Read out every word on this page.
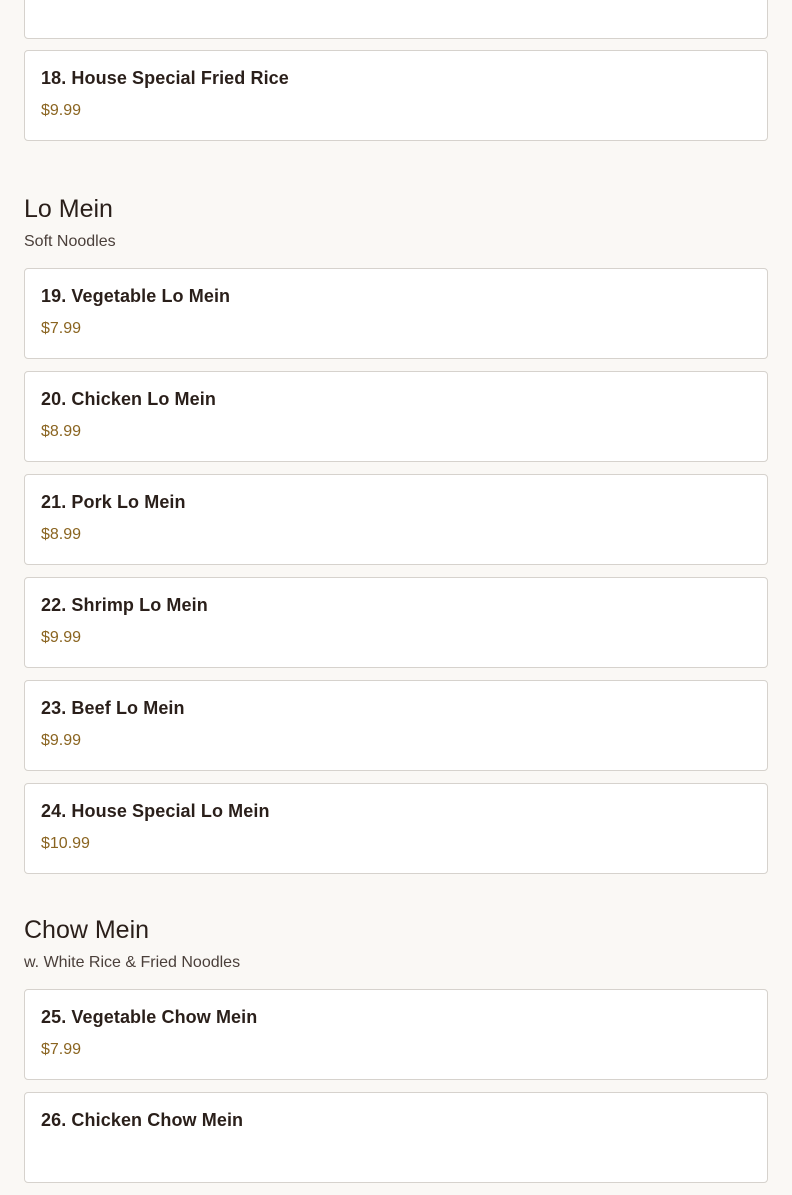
18. House Special Fried Rice
$9.99
Lo Mein
Soft Noodles
19. Vegetable Lo Mein
$7.99
20. Chicken Lo Mein
$8.99
21. Pork Lo Mein
$8.99
22. Shrimp Lo Mein
$9.99
23. Beef Lo Mein
$9.99
24. House Special Lo Mein
$10.99
Chow Mein
w. White Rice & Fried Noodles
25. Vegetable Chow Mein
$7.99
26. Chicken Chow Mein
